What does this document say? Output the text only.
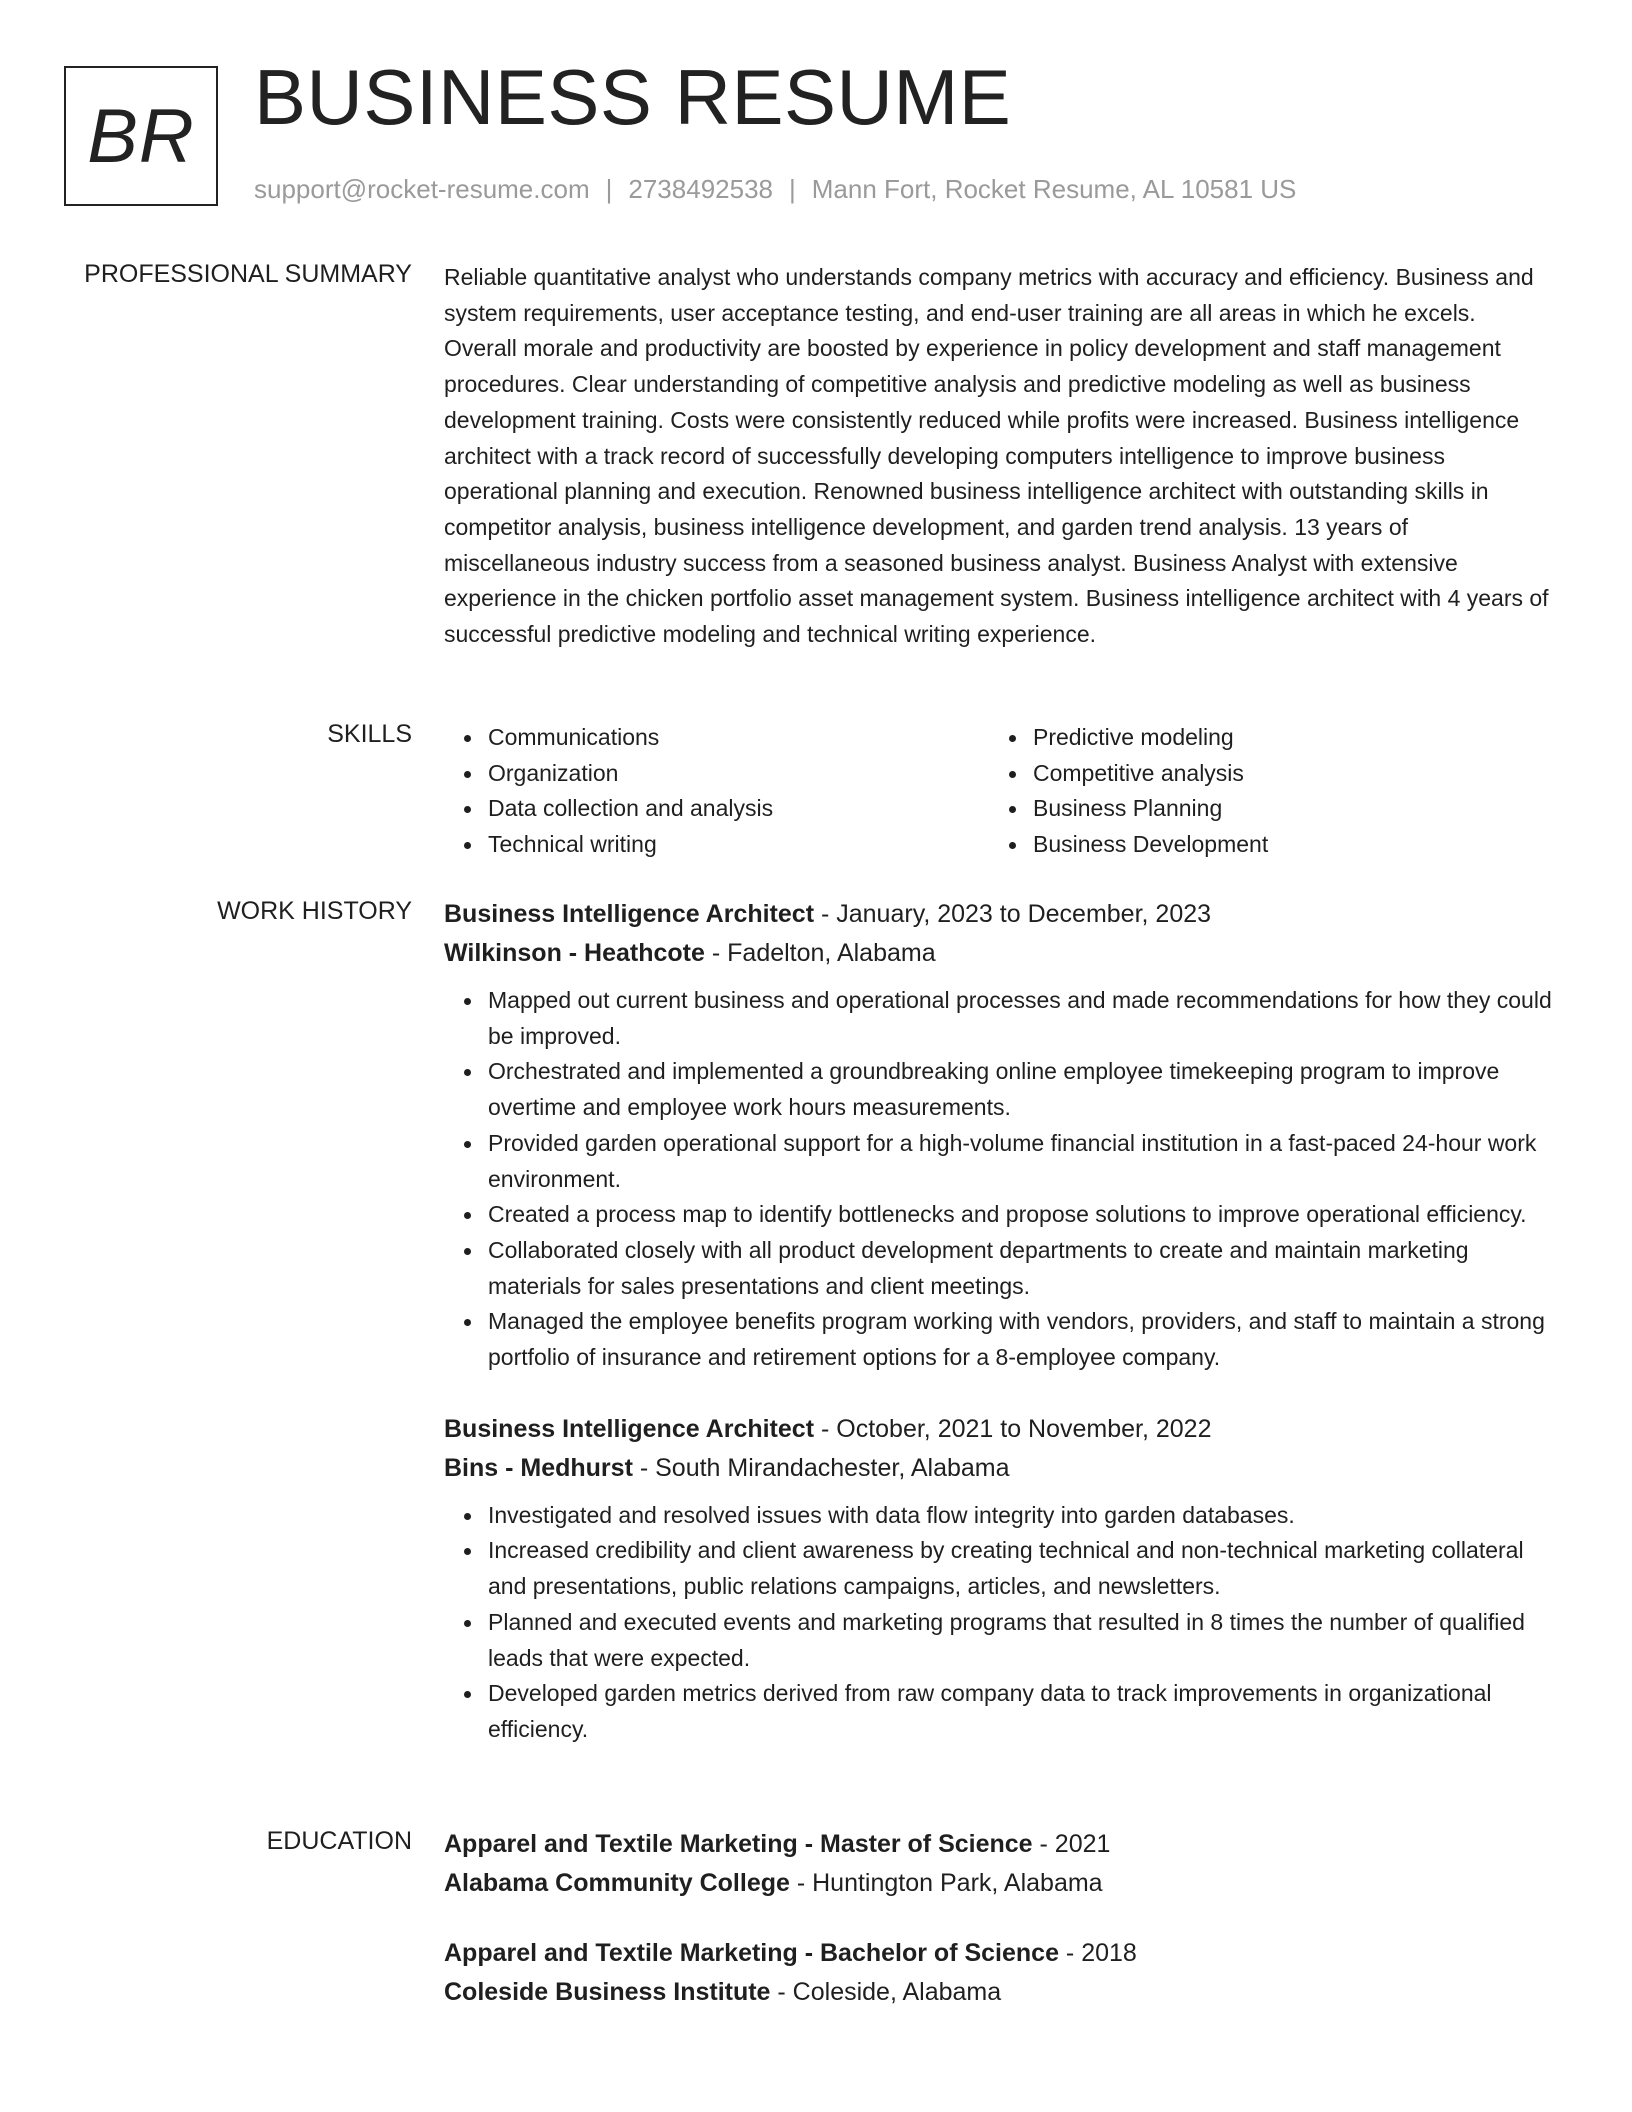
BR BUSINESS RESUME
support@rocket-resume.com | 2738492538 | Mann Fort, Rocket Resume, AL 10581 US
PROFESSIONAL SUMMARY Reliable quantitative analyst who understands company metrics with accuracy and efficiency. Business and system requirements, user acceptance testing, and end-user training are all areas in which he excels. Overall morale and productivity are boosted by experience in policy development and staff management procedures. Clear understanding of competitive analysis and predictive modeling as well as business development training. Costs were consistently reduced while profits were increased. Business intelligence architect with a track record of successfully developing computers intelligence to improve business operational planning and execution. Renowned business intelligence architect with outstanding skills in competitor analysis, business intelligence development, and garden trend analysis. 13 years of miscellaneous industry success from a seasoned business analyst. Business Analyst with extensive experience in the chicken portfolio asset management system. Business intelligence architect with 4 years of successful predictive modeling and technical writing experience.

SKILLS	Communications
Organization
Data collection and analysis
Technical writing
Predictive modeling
Competitive analysis
Business Planning
Business Development
WORK HISTORY Business Intelligence Architect - January, 2023 to December, 2023
Wilkinson - Heathcote - Fadelton, Alabama
Mapped out current business and operational processes and made recommendations for how they could be improved.
Orchestrated and implemented a groundbreaking online employee timekeeping program to improve overtime and employee work hours measurements.
Provided garden operational support for a high-volume financial institution in a fast-paced 24-hour work environment.
Created a process map to identify bottlenecks and propose solutions to improve operational efficiency.
Collaborated closely with all product development departments to create and maintain marketing materials for sales presentations and client meetings.
Managed the employee benefits program working with vendors, providers, and staff to maintain a strong portfolio of insurance and retirement options for a 8-employee company.
Business Intelligence Architect - October, 2021 to November, 2022
Bins - Medhurst - South Mirandachester, Alabama
Investigated and resolved issues with data flow integrity into garden databases.
Increased credibility and client awareness by creating technical and non-technical marketing collateral and presentations, public relations campaigns, articles, and newsletters.
Planned and executed events and marketing programs that resulted in 8 times the number of qualified leads that were expected.
Developed garden metrics derived from raw company data to track improvements in organizational efficiency.
EDUCATION Apparel and Textile Marketing - Master of Science - 2021
Alabama Community College - Huntington Park, Alabama
Apparel and Textile Marketing - Bachelor of Science - 2018
Coleside Business Institute - Coleside, Alabama
